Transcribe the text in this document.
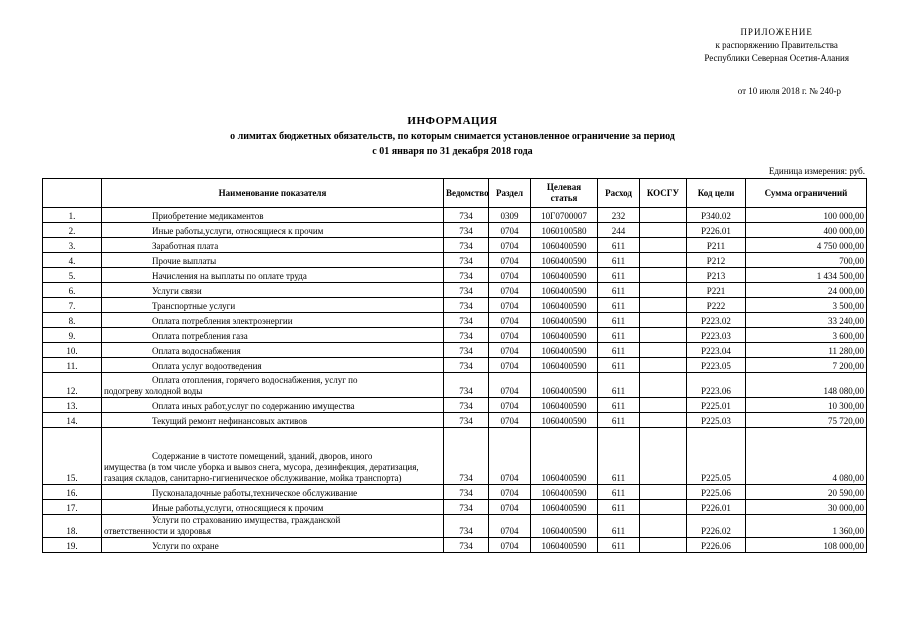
ПРИЛОЖЕНИЕ
к распоряжению Правительства
Республики Северная Осетия-Алания
от 10 июля 2018 г. № 240-р
ИНФОРМАЦИЯ
о лимитах бюджетных обязательств, по которым снимается установленное ограничение за период
с 01 января по 31 декабря 2018 года
Единица измерения: руб.
	Наименование показателя	Ведомство	Раздел	Целевая статья	Расход	КОСГУ	Код цели	Сумма ограничений
1.	Приобретение медикаментов	734	0309	10Г0700007	232		Р340.02	100 000,00
2.	Иные работы,услуги, относящиеся к прочим	734	0704	1060100580	244		Р226.01	400 000,00
3.	Заработная плата	734	0704	1060400590	611		Р211	4 750 000,00
4.	Прочие выплаты	734	0704	1060400590	611		Р212	700,00
5.	Начисления на выплаты по оплате труда	734	0704	1060400590	611		Р213	1 434 500,00
6.	Услуги связи	734	0704	1060400590	611		Р221	24 000,00
7.	Транспортные услуги	734	0704	1060400590	611		Р222	3 500,00
8.	Оплата потребления электроэнергии	734	0704	1060400590	611		Р223.02	33 240,00
9.	Оплата потребления газа	734	0704	1060400590	611		Р223.03	3 600,00
10.	Оплата водоснабжения	734	0704	1060400590	611		Р223.04	11 280,00
11.	Оплата услуг водоотведения	734	0704	1060400590	611		Р223.05	7 200,00
12.	Оплата отопления, горячего водоснабжения, услуг по
подогреву холодной воды	734	0704	1060400590	611		Р223.06	148 080,00
13.	Оплата иных работ,услуг по содержанию имущества	734	0704	1060400590	611		Р225.01	10 300,00
14.	Текущий ремонт нефинансовых активов	734	0704	1060400590	611		Р225.03	75 720,00
15.	Содержание в чистоте помещений, зданий, дворов, иного
имущества (в том числе уборка и вывоз снега, мусора, дезинфекция, дератизация, газация складов, санитарно-гигиеническое обслуживание, мойка транспорта)	734	0704	1060400590	611		Р225.05	4 080,00
16.	Пусконаладочные работы,техническое обслуживание	734	0704	1060400590	611		Р225.06	20 590,00
17.	Иные работы,услуги, относящиеся к прочим	734	0704	1060400590	611		Р226.01	30 000,00
18.	Услуги по страхованию имущества, гражданской
ответственности и здоровья	734	0704	1060400590	611		Р226.02	1 360,00
19.	Услуги по охране	734	0704	1060400590	611		Р226.06	108 000,00
